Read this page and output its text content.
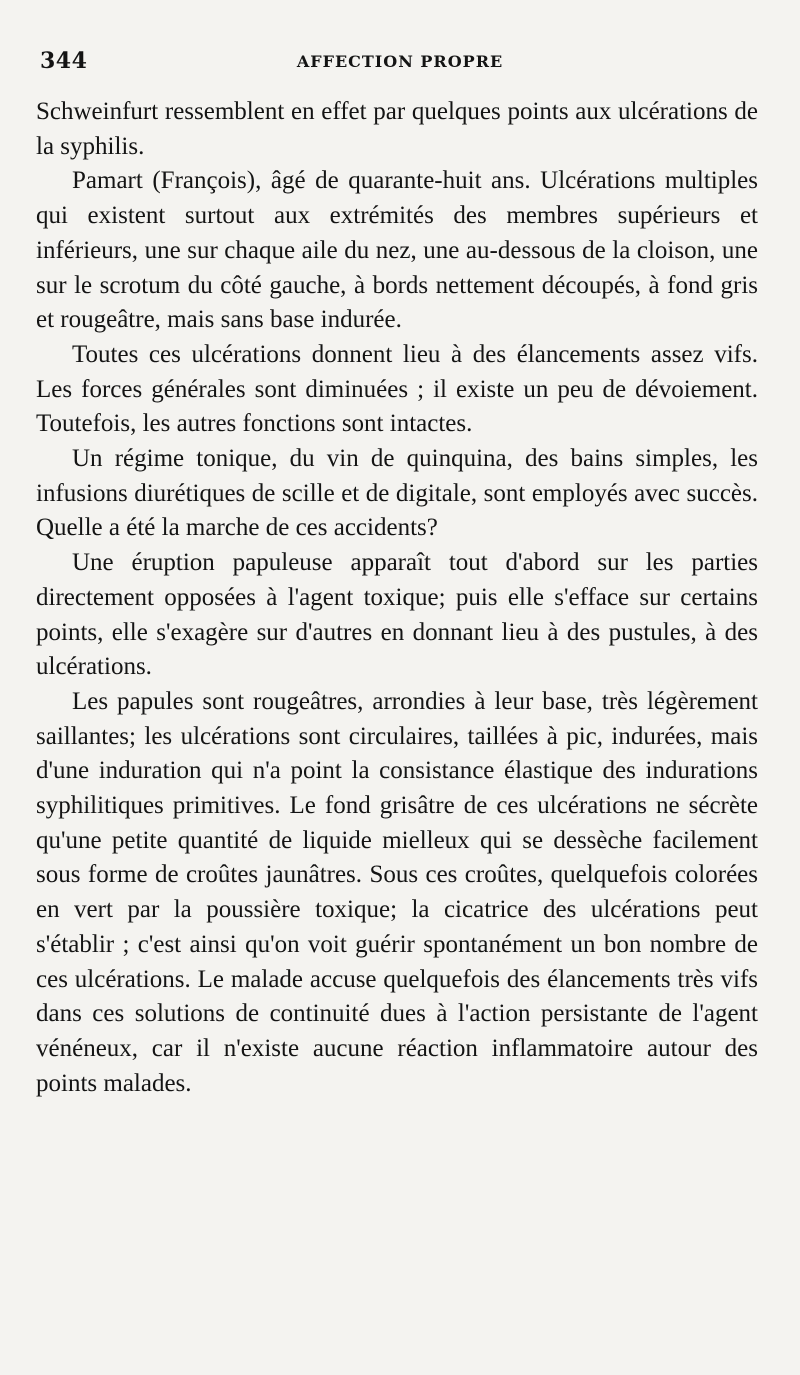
344	AFFECTION PROPRE

Schweinfurt ressemblent en effet par quelques points aux ulcérations de la syphilis.

Pamart (François), âgé de quarante-huit ans. Ulcérations multiples qui existent surtout aux extrémités des membres supérieurs et inférieurs, une sur chaque aile du nez, une au-dessous de la cloison, une sur le scrotum du côté gauche, à bords nettement découpés, à fond gris et rougeâtre, mais sans base indurée.

Toutes ces ulcérations donnent lieu à des élancements assez vifs. Les forces générales sont diminuées ; il existe un peu de dévoiement. Toutefois, les autres fonctions sont intactes.

Un régime tonique, du vin de quinquina, des bains simples, les infusions diurétiques de scille et de digitale, sont employés avec succès. Quelle a été la marche de ces accidents?

Une éruption papuleuse apparaît tout d'abord sur les parties directement opposées à l'agent toxique; puis elle s'efface sur certains points, elle s'exagère sur d'autres en donnant lieu à des pustules, à des ulcérations.

Les papules sont rougeâtres, arrondies à leur base, très légèrement saillantes; les ulcérations sont circulaires, taillées à pic, indurées, mais d'une induration qui n'a point la consistance élastique des indurations syphilitiques primitives. Le fond grisâtre de ces ulcérations ne sécrète qu'une petite quantité de liquide mielleux qui se dessèche facilement sous forme de croûtes jaunâtres. Sous ces croûtes, quelquefois colorées en vert par la poussière toxique; la cicatrice des ulcérations peut s'établir ; c'est ainsi qu'on voit guérir spontanément un bon nombre de ces ulcérations. Le malade accuse quelquefois des élancements très vifs dans ces solutions de continuité dues à l'action persistante de l'agent vénéneux, car il n'existe aucune réaction inflammatoire autour des points malades.
